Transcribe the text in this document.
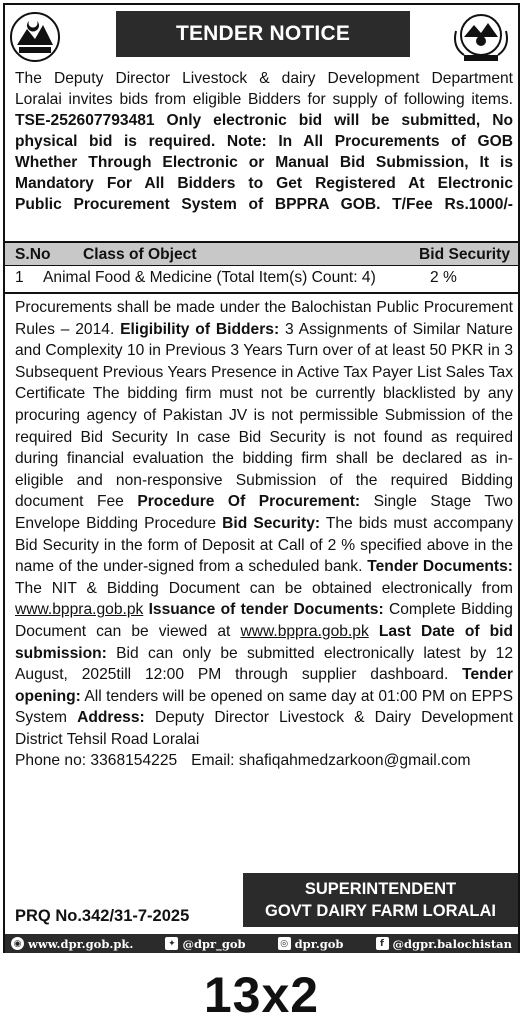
TENDER NOTICE

The Deputy Director Livestock & dairy Development Department

Loralai invites bids from eligible Bidders for supply of following items.

TSE-252607793481 Only electronic bid will be submitted, No

physical bid is required. Note: In All Procurements of GOB

Whether Through Electronic or Manual Bid Submission, It is

Mandatory For All Bidders to Get Registered At Electronic

Public Procurement System of BPPRA GOB. T/Fee Rs.1000/-

S.No Class of Object	Bid Security
1 Animal Food & Medicine (Total Item(s) Count: 4)	2 %

Procurements shall be made under the Balochistan Public Procurement Rules – 2014. Eligibility of Bidders: 3 Assignments of Similar Nature and Complexity 10 in Previous 3 Years Turn over of at least 50 PKR in 3 Subsequent Previous Years Presence in Active Tax Payer List Sales Tax Certificate The bidding firm must not be currently blacklisted by any procuring agency of Pakistan JV is not permissible Submission of the required Bid Security In case Bid Security is not found as required during financial evaluation the bidding firm shall be declared as in-eligible and non-responsive Submission of the required Bidding document Fee Procedure Of Procurement: Single Stage Two Envelope Bidding Procedure Bid Security: The bids must accompany Bid Security in the form of Deposit at Call of 2 % specified above in the name of the under-signed from a scheduled bank. Tender Documents: The NIT & Bidding Document can be obtained electronically from www.bppra.gob.pk Issuance of tender Documents: Complete Bidding Document can be viewed at www.bppra.gob.pk Last Date of bid submission: Bid can only be submitted electronically latest by 12 August, 2025till 12:00 PM through supplier dashboard. Tender opening: All tenders will be opened on same day at 01:00 PM on EPPS System Address: Deputy Director Livestock & Dairy Development District Tehsil Road Loralai

Phone no: 3368154225 Email: shafiqahmedzarkoon@gmail.com

SUPERINTENDENT
GOVT DAIRY FARM LORALAI
PRQ No.342/31-7-2025
◉ www.dpr.gob.pk.	✦ @dpr_gob	◎ dpr.gob	f @dgpr.balochistan
13x2
